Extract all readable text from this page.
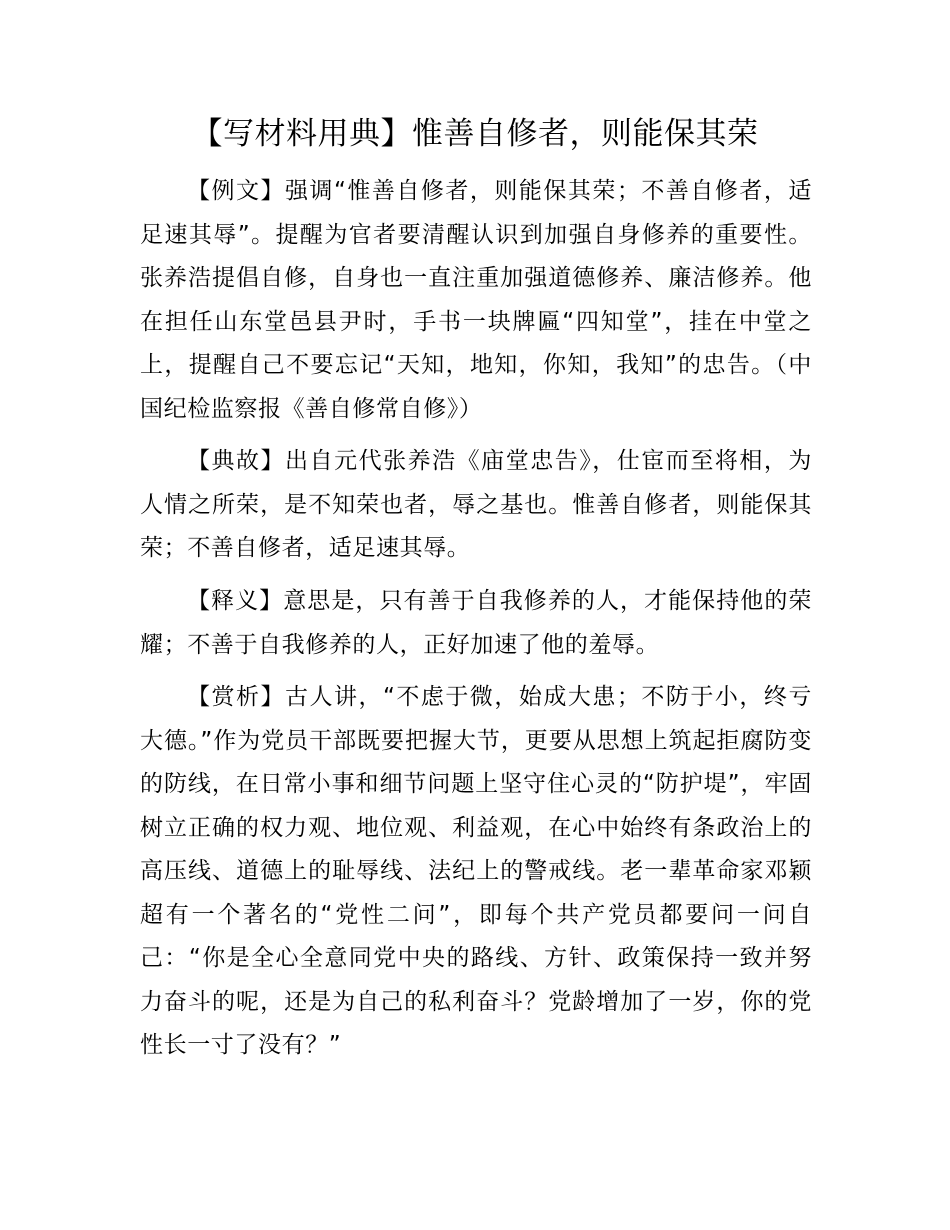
【写材料用典】惟善自修者，则能保其荣

【例文】强调“惟善自修者，则能保其荣；不善自修者，适足速其辱”。提醒为官者要清醒认识到加强自身修养的重要性。张养浩提倡自修，自身也一直注重加强道德修养、廉洁修养。他在担任山东堂邑县尹时，手书一块牌匾“四知堂”，挂在中堂之上，提醒自己不要忘记“天知，地知，你知，我知”的忠告。（中国纪检监察报《善自修常自修》）

【典故】出自元代张养浩《庙堂忠告》，仕宦而至将相，为人情之所荣，是不知荣也者，辱之基也。惟善自修者，则能保其荣；不善自修者，适足速其辱。

【释义】意思是，只有善于自我修养的人，才能保持他的荣耀；不善于自我修养的人，正好加速了他的羞辱。

【赏析】古人讲，“不虑于微，始成大患；不防于小，终亏大德。”作为党员干部既要把握大节，更要从思想上筑起拒腐防变的防线，在日常小事和细节问题上坚守住心灵的“防护堤”，牢固树立正确的权力观、地位观、利益观，在心中始终有条政治上的高压线、道德上的耻辱线、法纪上的警戒线。老一辈革命家邓颖超有一个著名的“党性二问”，即每个共产党员都要问一问自己：“你是全心全意同党中央的路线、方针、政策保持一致并努力奋斗的呢，还是为自己的私利奋斗？党龄增加了一岁，你的党性长一寸了没有？”
